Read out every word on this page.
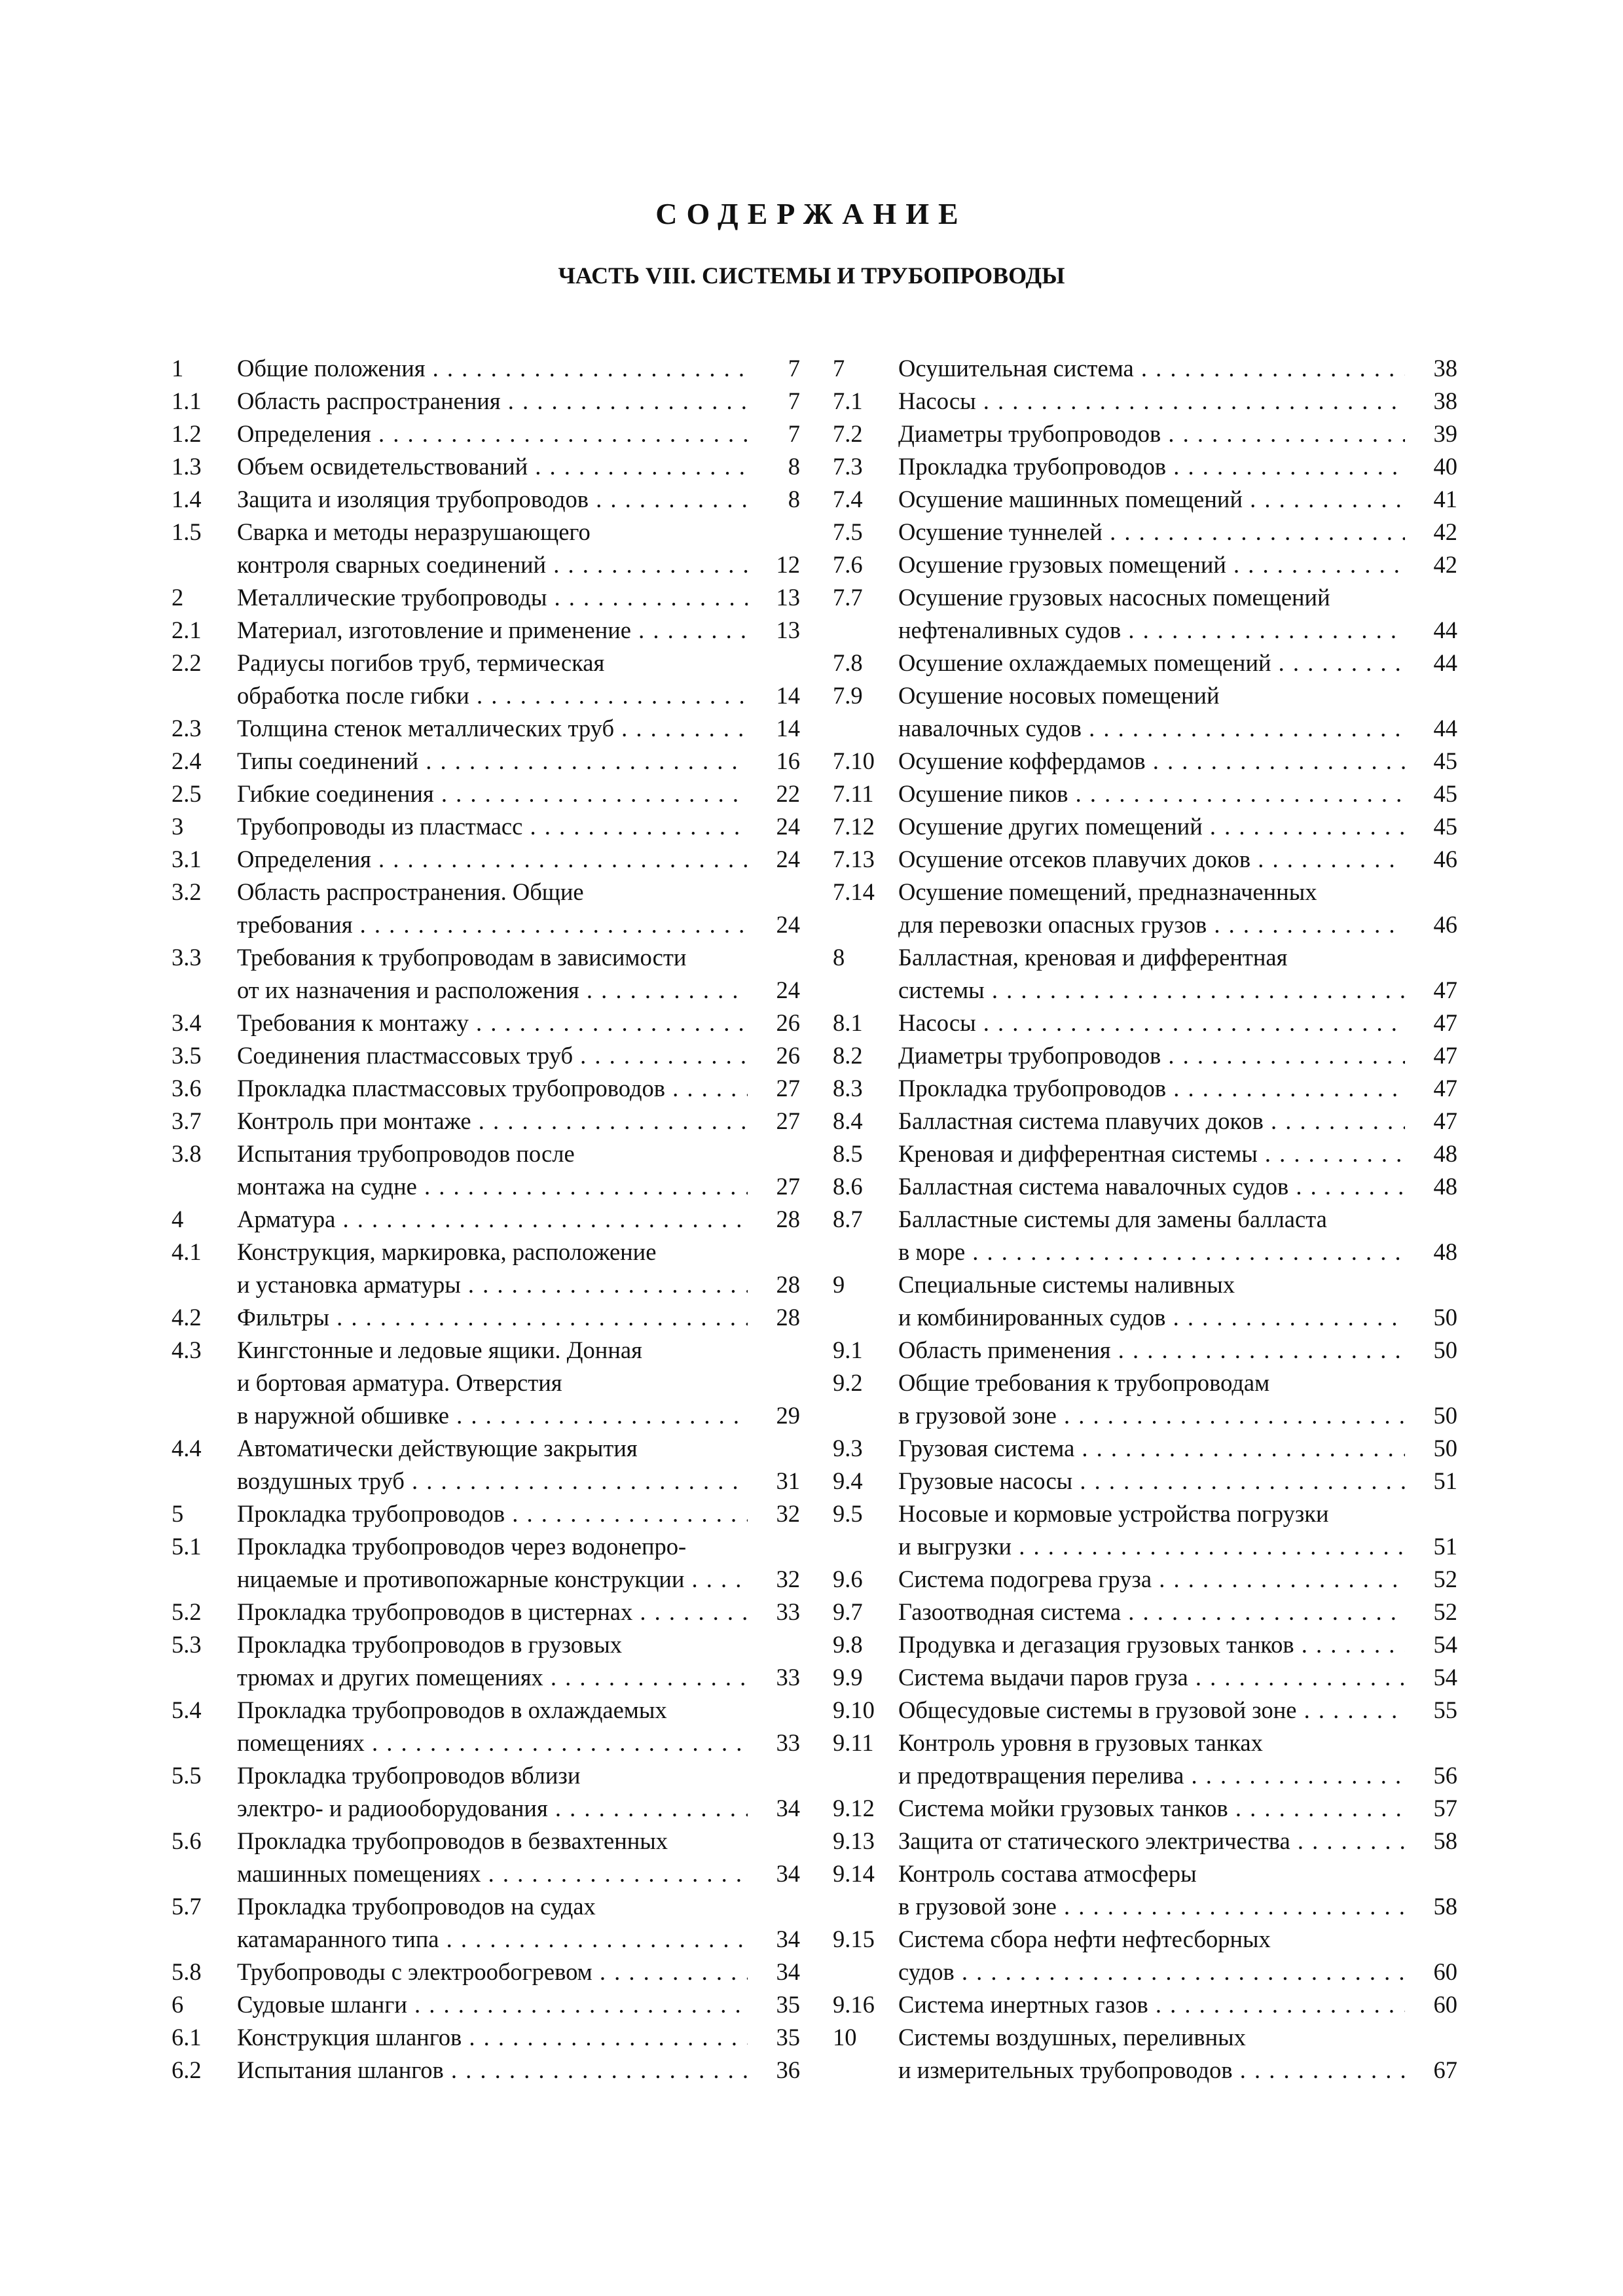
СОДЕРЖАНИЕ
ЧАСТЬ VIII. СИСТЕМЫ И ТРУБОПРОВОДЫ
1 Общие положения . . .	7
1.1 Область распространения . . .	7
1.2 Определения . . .	7
1.3 Объем освидетельствований . . .	8
1.4 Защита и изоляция трубопроводов . . .	8
1.5 Сварка и методы неразрушающего
контроля сварных соединений . . .	12
2 Металлические трубопроводы . . .	13
2.1 Материал, изготовление и применение . . .	13
2.2 Радиусы погибов труб, термическая
обработка после гибки . . .	14
2.3 Толщина стенок металлических труб . . .	14
2.4 Типы соединений . . .	16
2.5 Гибкие соединения . . .	22
3 Трубопроводы из пластмасс . . .	24
3.1 Определения . . .	24
3.2 Область распространения. Общие
требования . . .	24
3.3 Требования к трубопроводам в зависимости
от их назначения и расположения . . .	24
3.4 Требования к монтажу . . .	26
3.5 Соединения пластмассовых труб . . .	26
3.6 Прокладка пластмассовых трубопроводов . . .	27
3.7 Контроль при монтаже . . .	27
3.8 Испытания трубопроводов после
монтажа на судне . . .	27
4 Арматура . . .	28
4.1 Конструкция, маркировка, расположение
и установка арматуры . . .	28
4.2 Фильтры . . .	28
4.3 Кингстонные и ледовые ящики. Донная
и бортовая арматура. Отверстия
в наружной обшивке . . .	29
4.4 Автоматически действующие закрытия
воздушных труб . . .	31
5 Прокладка трубопроводов . . .	32
5.1 Прокладка трубопроводов через водонепро-
ницаемые и противопожарные конструкции . . .	32
5.2 Прокладка трубопроводов в цистернах . . .	33
5.3 Прокладка трубопроводов в грузовых
трюмах и других помещениях . . .	33
5.4 Прокладка трубопроводов в охлаждаемых
помещениях . . .	33
5.5 Прокладка трубопроводов вблизи
электро- и радиооборудования . . .	34
5.6 Прокладка трубопроводов в безвахтенных
машинных помещениях . . .	34
5.7 Прокладка трубопроводов на судах
катамаранного типа . . .	34
5.8 Трубопроводы с электрообогревом . . .	34
6 Судовые шланги . . .	35
6.1 Конструкция шлангов . . .	35
6.2 Испытания шлангов . . .	36
7 Осушительная система . . .	38
7.1 Насосы . . .	38
7.2 Диаметры трубопроводов . . .	39
7.3 Прокладка трубопроводов . . .	40
7.4 Осушение машинных помещений . . .	41
7.5 Осушение туннелей . . .	42
7.6 Осушение грузовых помещений . . .	42
7.7 Осушение грузовых насосных помещений
нефтеналивных судов . . .	44
7.8 Осушение охлаждаемых помещений . . .	44
7.9 Осушение носовых помещений
навалочных судов . . .	44
7.10 Осушение коффердамов . . .	45
7.11 Осушение пиков . . .	45
7.12 Осушение других помещений . . .	45
7.13 Осушение отсеков плавучих доков . . .	46
7.14 Осушение помещений, предназначенных
для перевозки опасных грузов . . .	46
8 Балластная, креновая и дифферентная
системы . . .	47
8.1 Насосы . . .	47
8.2 Диаметры трубопроводов . . .	47
8.3 Прокладка трубопроводов . . .	47
8.4 Балластная система плавучих доков . . .	47
8.5 Креновая и дифферентная системы . . .	48
8.6 Балластная система навалочных судов . . .	48
8.7 Балластные системы для замены балласта
в море . . .	48
9 Специальные системы наливных
и комбинированных судов . . .	50
9.1 Область применения . . .	50
9.2 Общие требования к трубопроводам
в грузовой зоне . . .	50
9.3 Грузовая система . . .	50
9.4 Грузовые насосы . . .	51
9.5 Носовые и кормовые устройства погрузки
и выгрузки . . .	51
9.6 Система подогрева груза . . .	52
9.7 Газоотводная система . . .	52
9.8 Продувка и дегазация грузовых танков . . .	54
9.9 Система выдачи паров груза . . .	54
9.10 Общесудовые системы в грузовой зоне . . .	55
9.11 Контроль уровня в грузовых танках
и предотвращения перелива . . .	56
9.12 Система мойки грузовых танков . . .	57
9.13 Защита от статического электричества . . .	58
9.14 Контроль состава атмосферы
в грузовой зоне . . .	58
9.15 Система сбора нефти нефтесборных
судов . . .	60
9.16 Система инертных газов . . .	60
10 Системы воздушных, переливных
и измерительных трубопроводов . . .	67
